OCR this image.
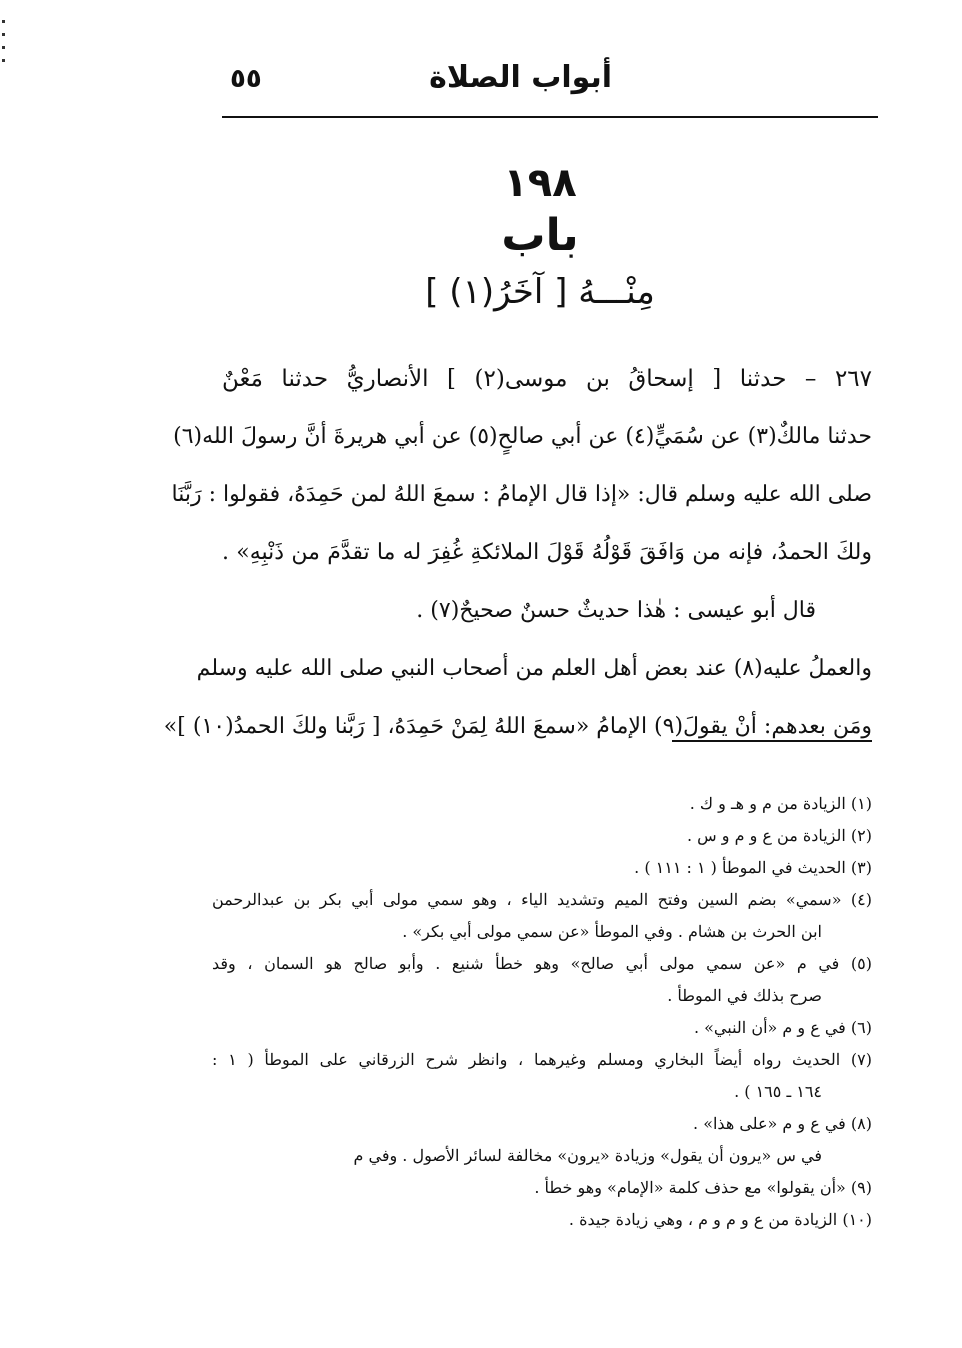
٥٥	أبواب الصلاة
١٩٨
باب
مِنْـــهُ [ آخَرُ(١) ]
٢٦٧ – حدثنا [ إسحاقُ بن موسى(٢) ] الأنصاريُّ حدثنا مَعْنٌ
حدثنا مالكٌ(٣) عن سُمَيٍّ(٤) عن أبي صالحٍ(٥) عن أبي هريرةَ أنَّ رسولَ الله(٦)
صلى الله عليه وسلم قال: «إذا قال الإمامُ : سمعَ اللهُ لمن حَمِدَهُ، فقولوا : رَبَّنَا
ولكَ الحمدُ، فإنه من وَافَقَ قَوْلُهُ قَوْلَ الملائكةِ غُفِرَ له ما تقدَّمَ من ذَنْبِهِ» .
قال أبو عيسى : هٰذا حديثٌ حسنٌ صحيحٌ(٧) .
والعملُ عليه(٨) عند بعض أهل العلم من أصحاب النبي صلى الله عليه وسلم
ومَن بعدهم: أنْ يقولَ(٩) الإمامُ «سمعَ اللهُ لِمَنْ حَمِدَهُ، [ رَبَّنا ولكَ الحمدُ(١٠) ]»
(١) الزيادة من م و هـ و ك .
(٢) الزيادة من ع و م و س .
(٣) الحديث في الموطأ ( ١ : ١١١ ) .
(٤) «سمي» بضم السين وفتح الميم وتشديد الياء ، وهو سمي مولى أبي بكر بن عبدالرحمن
ابن الحرث بن هشام . وفي الموطأ «عن سمي مولى أبي بكر» .
(٥) في م «عن سمي مولى أبي صالح» وهو خطأ شنيع . وأبو صالح هو السمان ، وقد
صرح بذلك في الموطأ .
(٦) في ع و م «أن النبي» .
(٧) الحديث رواه أيضاً البخاري ومسلم وغيرهما ، وانظر شرح الزرقاني على الموطأ ( ١ :
١٦٤ ـ ١٦٥ ) .
(٨) في ع و م «على هذا» .
في س «يرون أن يقول» وزيادة «يرون» مخالفة لسائر الأصول . وفي م
(٩) «أن يقولوا» مع حذف كلمة «الإمام» وهو خطأ .
(١٠) الزيادة من ع و م و م ، وهي زيادة جيدة .
